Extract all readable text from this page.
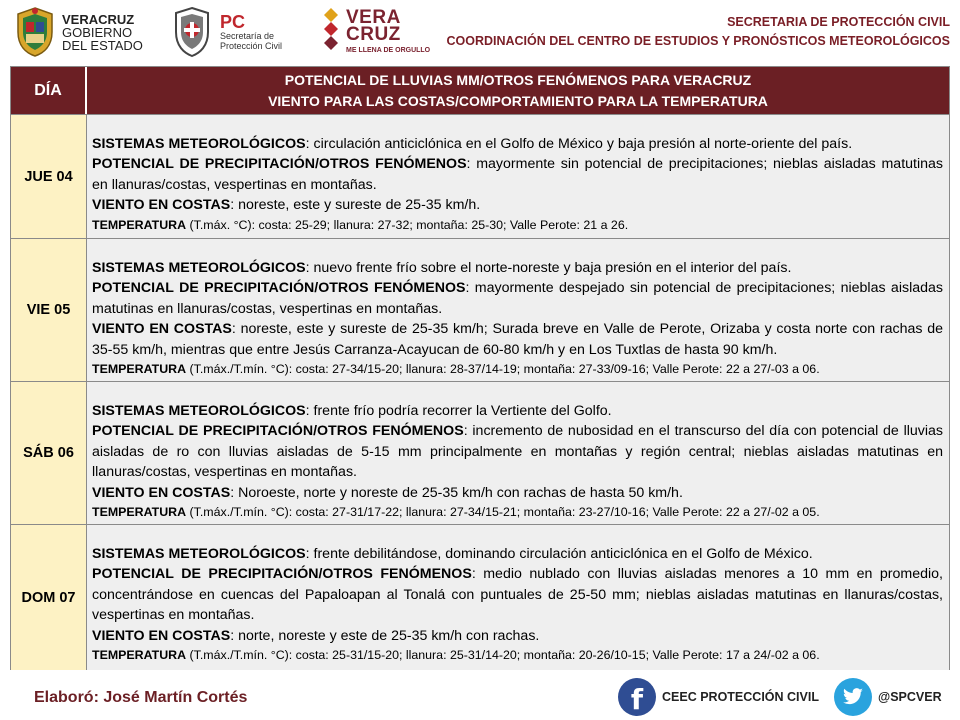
VERACRUZ
GOBIERNO
DEL ESTADO
PC
Secretaría de
Protección Civil
VERA
CRUZ
ME LLENA DE ORGULLO
SECRETARIA DE PROTECCIÓN CIVIL
COORDINACIÓN DEL CENTRO DE ESTUDIOS Y PRONÓSTICOS METEOROLÓGICOS
DÍA
POTENCIAL DE LLUVIAS MM/OTROS FENÓMENOS PARA VERACRUZ
VIENTO PARA LAS COSTAS/COMPORTAMIENTO PARA LA TEMPERATURA
JUE 04

SISTEMAS METEOROLÓGICOS: circulación anticiclónica en el Golfo de México y baja presión al norte-oriente del país.

POTENCIAL DE PRECIPITACIÓN/OTROS FENÓMENOS: mayormente sin potencial de precipitaciones; nieblas aisladas matutinas en llanuras/costas, vespertinas en montañas.

VIENTO EN COSTAS: noreste, este y sureste de 25-35 km/h.

TEMPERATURA (T.máx. °C): costa: 25-29; llanura: 27-32; montaña: 25-30; Valle Perote: 21 a 26.

VIE 05

SISTEMAS METEOROLÓGICOS: nuevo frente frío sobre el norte-noreste y baja presión en el interior del país.

POTENCIAL DE PRECIPITACIÓN/OTROS FENÓMENOS: mayormente despejado sin potencial de precipitaciones; nieblas aisladas matutinas en llanuras/costas, vespertinas en montañas.

VIENTO EN COSTAS: noreste, este y sureste de 25-35 km/h; Surada breve en Valle de Perote, Orizaba y costa norte con rachas de 35-55 km/h, mientras que entre Jesús Carranza-Acayucan de 60-80 km/h y en Los Tuxtlas de hasta 90 km/h.

TEMPERATURA (T.máx./T.mín. °C): costa: 27-34/15-20; llanura: 28-37/14-19; montaña: 27-33/09-16; Valle Perote: 22 a 27/-03 a 06.

SÁB 06

SISTEMAS METEOROLÓGICOS: frente frío podría recorrer la Vertiente del Golfo.

POTENCIAL DE PRECIPITACIÓN/OTROS FENÓMENOS: incremento de nubosidad en el transcurso del día con potencial de lluvias aisladas de ro con lluvias aisladas de 5-15 mm principalmente en montañas y región central; nieblas aisladas matutinas en llanuras/costas, vespertinas en montañas.

VIENTO EN COSTAS: Noroeste, norte y noreste de 25-35 km/h con rachas de hasta 50 km/h.

TEMPERATURA (T.máx./T.mín. °C): costa: 27-31/17-22; llanura: 27-34/15-21; montaña: 23-27/10-16; Valle Perote: 22 a 27/-02 a 05.

DOM 07

SISTEMAS METEOROLÓGICOS: frente debilitándose, dominando circulación anticiclónica en el Golfo de México.

POTENCIAL DE PRECIPITACIÓN/OTROS FENÓMENOS: medio nublado con lluvias aisladas menores a 10 mm en promedio, concentrándose en cuencas del Papaloapan al Tonalá con puntuales de 25-50 mm; nieblas aisladas matutinas en llanuras/costas, vespertinas en montañas.

VIENTO EN COSTAS: norte, noreste y este de 25-35 km/h con rachas.

TEMPERATURA (T.máx./T.mín. °C): costa: 25-31/15-20; llanura: 25-31/14-20; montaña: 20-26/10-15; Valle Perote: 17 a 24/-02 a 06.

Elaboró: José Martín Cortés	f	CEEC PROTECCIÓN CIVIL	@SPCVER
